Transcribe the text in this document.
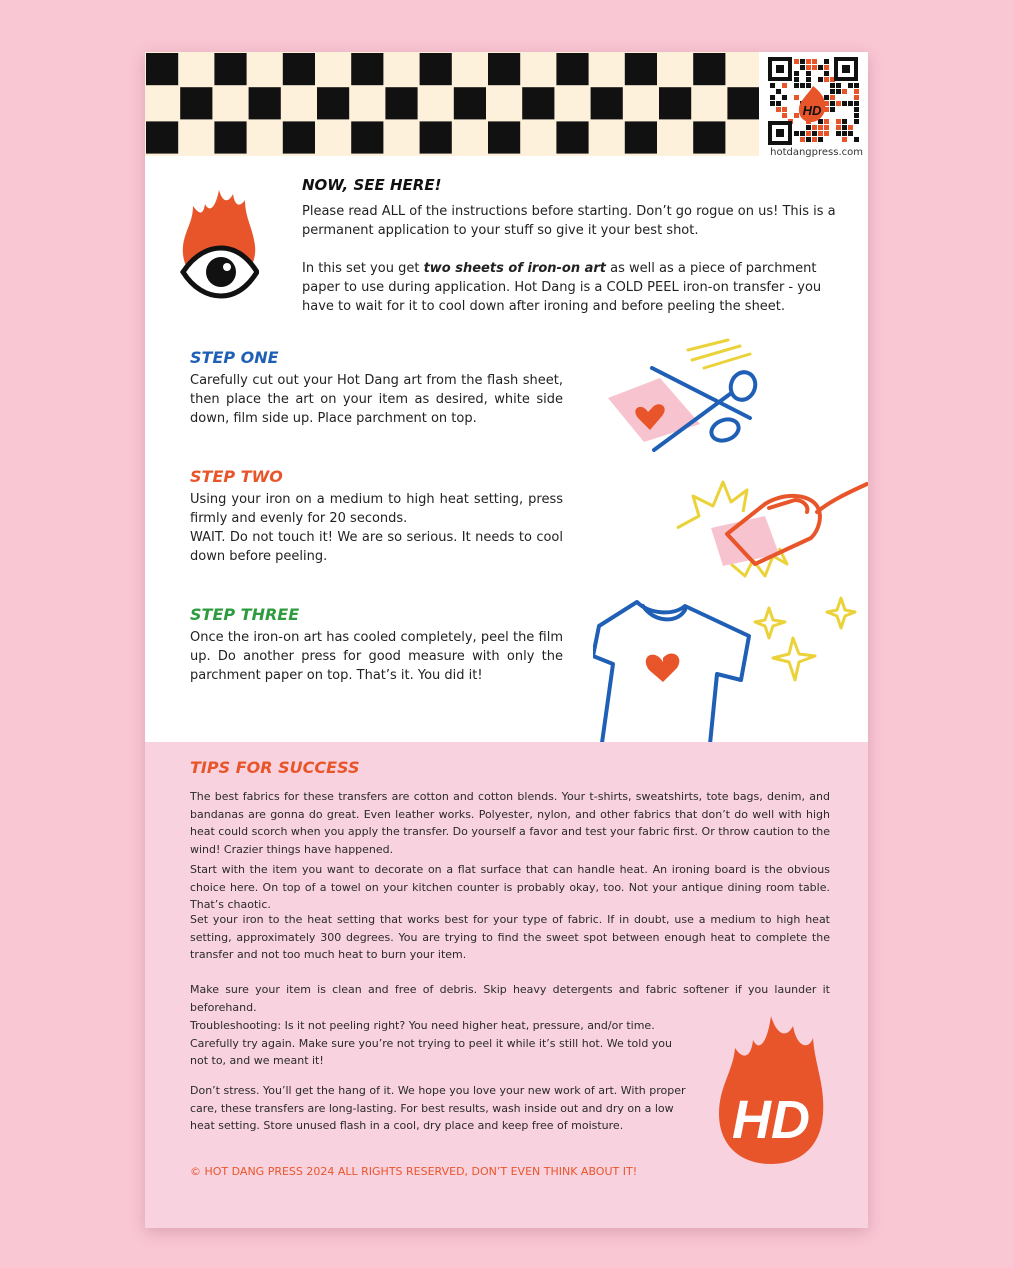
HD
hotdangpress.com
NOW, SEE HERE!

Please read ALL of the instructions before starting. Don’t go rogue on us! This is a permanent application to your stuff so give it your best shot.

In this set you get two sheets of iron-on art as well as a piece of parchment paper to use during application. Hot Dang is a COLD PEEL iron-on transfer - you have to wait for it to cool down after ironing and before peeling the sheet.

STEP ONE

Carefully cut out your Hot Dang art from the flash sheet, then place the art on your item as desired, white side down, film side up. Place parchment on top.

STEP TWO

Using your iron on a medium to high heat setting, press firmly and evenly for 20 seconds.

WAIT. Do not touch it! We are so serious. It needs to cool down before peeling.

STEP THREE

Once the iron-on art has cooled completely, peel the film up. Do another press for good measure with only the parchment paper on top. That’s it. You did it!

TIPS FOR SUCCESS

The best fabrics for these transfers are cotton and cotton blends. Your t-shirts, sweatshirts, tote bags, denim, and bandanas are gonna do great. Even leather works. Polyester, nylon, and other fabrics that don’t do well with high heat could scorch when you apply the transfer. Do yourself a favor and test your fabric first. Or throw caution to the wind! Crazier things have happened.

Start with the item you want to decorate on a flat surface that can handle heat. An ironing board is the obvious choice here. On top of a towel on your kitchen counter is probably okay, too. Not your antique dining room table. That’s chaotic.

Set your iron to the heat setting that works best for your type of fabric. If in doubt, use a medium to high heat setting, approximately 300 degrees. You are trying to find the sweet spot between enough heat to complete the transfer and not too much heat to burn your item.

Make sure your item is clean and free of debris. Skip heavy detergents and fabric softener if you launder it beforehand.

Troubleshooting: Is it not peeling right? You need higher heat, pressure, and/or time. Carefully try again. Make sure you’re not trying to peel it while it’s still hot. We told you not to, and we meant it!

Don’t stress. You’ll get the hang of it. We hope you love your new work of art. With proper care, these transfers are long-lasting. For best results, wash inside out and dry on a low heat setting. Store unused flash in a cool, dry place and keep free of moisture.

© HOT DANG PRESS 2024 ALL RIGHTS RESERVED, DON’T EVEN THINK ABOUT IT!
HD
